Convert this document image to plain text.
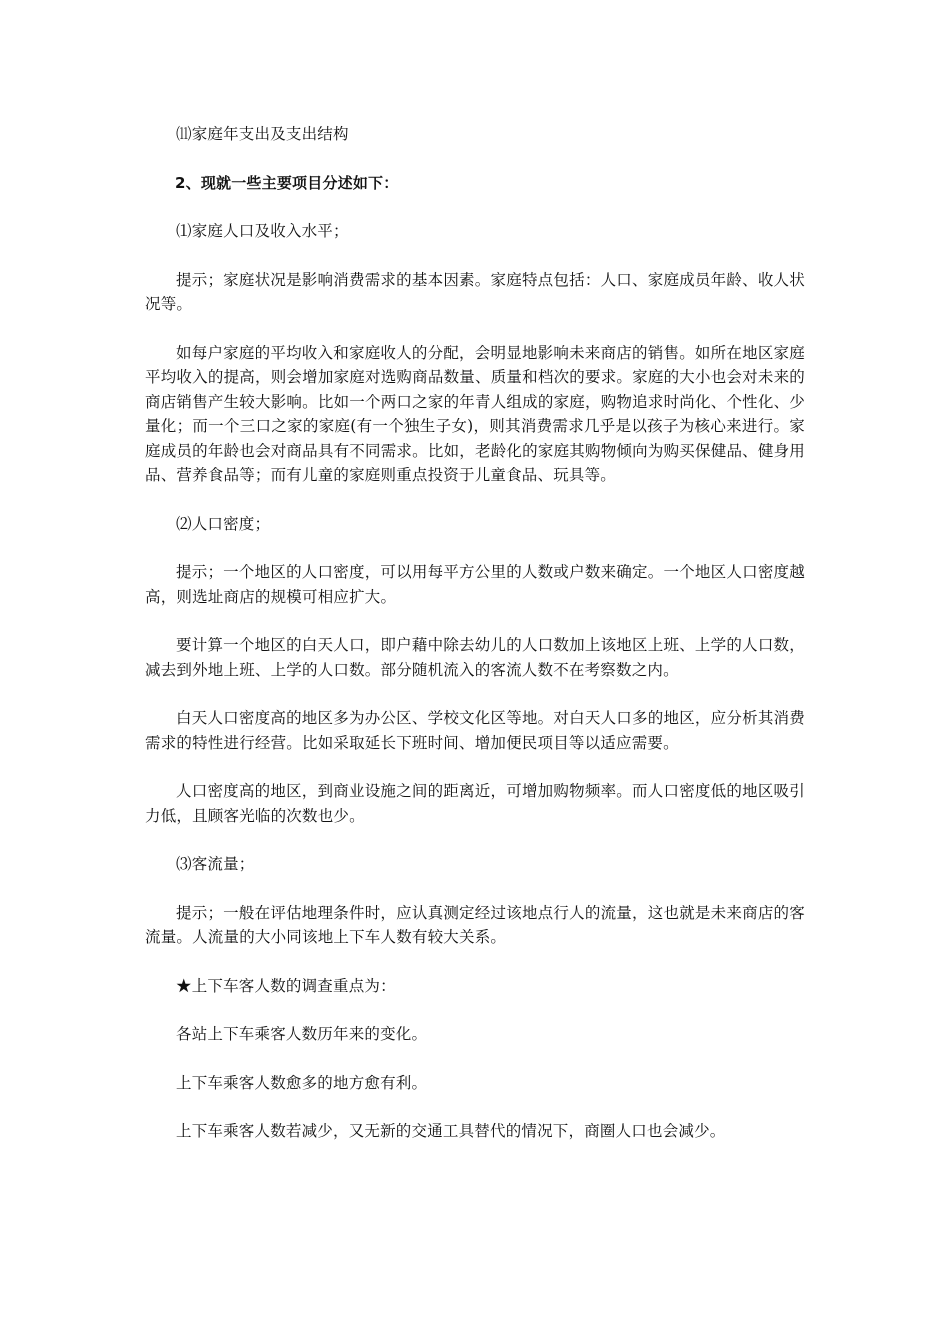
⑾家庭年支出及支出结构

2、现就一些主要项目分述如下：

⑴家庭人口及收入水平；

提示；家庭状况是影响消费需求的基本因素。家庭特点包括：人口、家庭成员年龄、收人状况等。

如每户家庭的平均收入和家庭收人的分配，会明显地影响未来商店的销售。如所在地区家庭平均收入的提高，则会增加家庭对选购商品数量、质量和档次的要求。家庭的大小也会对未来的商店销售产生较大影响。比如一个两口之家的年青人组成的家庭，购物追求时尚化、个性化、少量化；而一个三口之家的家庭(有一个独生子女)，则其消费需求几乎是以孩子为核心来进行。家庭成员的年龄也会对商品具有不同需求。比如，老龄化的家庭其购物倾向为购买保健品、健身用品、营养食品等；而有儿童的家庭则重点投资于儿童食品、玩具等。

⑵人口密度；

提示；一个地区的人口密度，可以用每平方公里的人数或户数来确定。一个地区人口密度越高，则选址商店的规模可相应扩大。

要计算一个地区的白天人口，即户藉中除去幼儿的人口数加上该地区上班、上学的人口数，减去到外地上班、上学的人口数。部分随机流入的客流人数不在考察数之内。

白天人口密度高的地区多为办公区、学校文化区等地。对白天人口多的地区，应分析其消费需求的特性进行经营。比如采取延长下班时间、增加便民项目等以适应需要。

人口密度高的地区，到商业设施之间的距离近，可增加购物频率。而人口密度低的地区吸引力低，且顾客光临的次数也少。

⑶客流量；

提示；一般在评估地理条件时，应认真测定经过该地点行人的流量，这也就是未来商店的客流量。人流量的大小同该地上下车人数有较大关系。

★上下车客人数的调查重点为：

各站上下车乘客人数历年来的变化。

上下车乘客人数愈多的地方愈有利。

上下车乘客人数若减少，又无新的交通工具替代的情况下，商圈人口也会减少。
